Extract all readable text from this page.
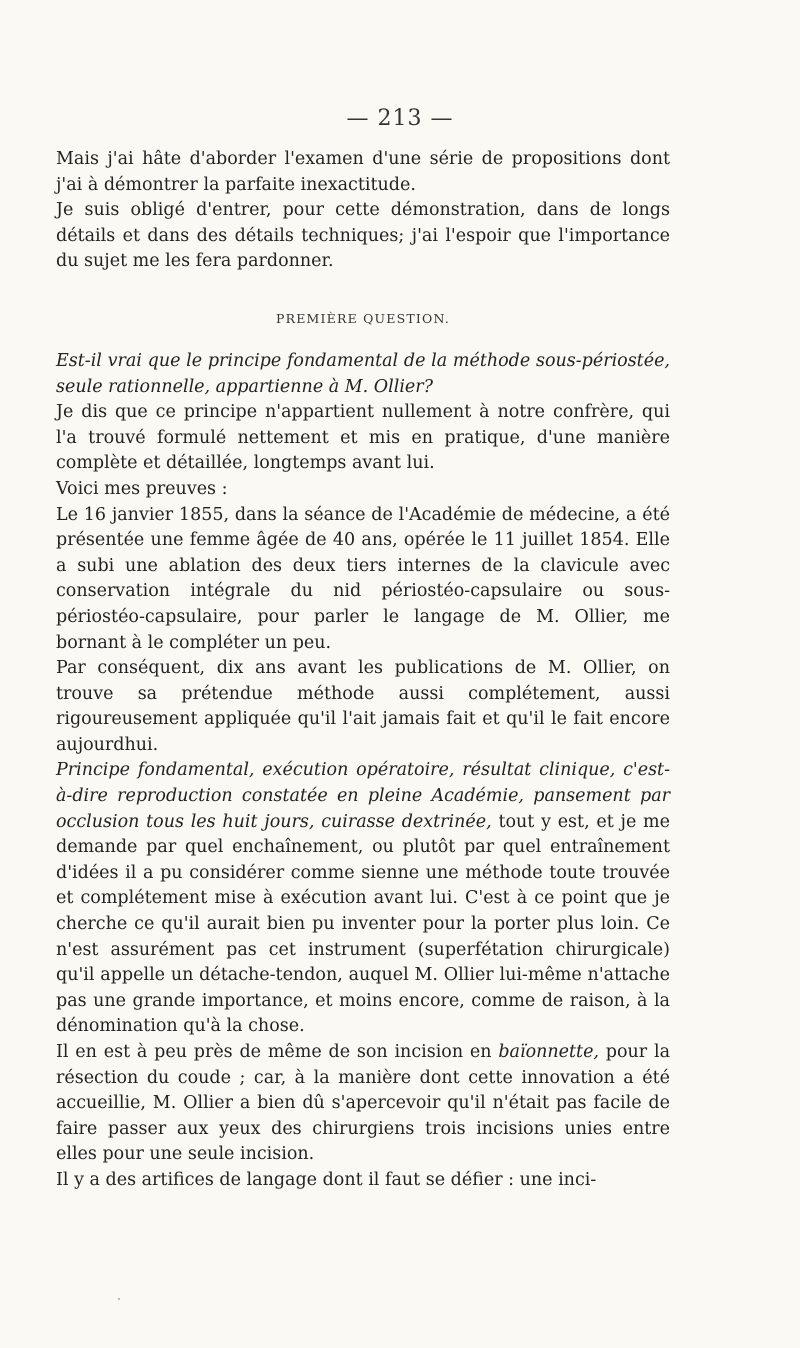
— 213 —

Mais j'ai hâte d'aborder l'examen d'une série de propositions dont j'ai à démontrer la parfaite inexactitude.

Je suis obligé d'entrer, pour cette démonstration, dans de longs détails et dans des détails techniques; j'ai l'espoir que l'importance du sujet me les fera pardonner.

PREMIÈRE QUESTION.

Est-il vrai que le principe fondamental de la méthode sous-périostée, seule rationnelle, appartienne à M. Ollier?

Je dis que ce principe n'appartient nullement à notre confrère, qui l'a trouvé formulé nettement et mis en pratique, d'une manière complète et détaillée, longtemps avant lui.

Voici mes preuves :

Le 16 janvier 1855, dans la séance de l'Académie de médecine, a été présentée une femme âgée de 40 ans, opérée le 11 juillet 1854. Elle a subi une ablation des deux tiers internes de la clavicule avec conservation intégrale du nid périostéo-capsulaire ou sous-périostéo-capsulaire, pour parler le langage de M. Ollier, me bornant à le compléter un peu.

Par conséquent, dix ans avant les publications de M. Ollier, on trouve sa prétendue méthode aussi complétement, aussi rigoureusement appliquée qu'il l'ait jamais fait et qu'il le fait encore aujourdhui.

Principe fondamental, exécution opératoire, résultat clinique, c'est-à-dire reproduction constatée en pleine Académie, pansement par occlusion tous les huit jours, cuirasse dextrinée, tout y est, et je me demande par quel enchaînement, ou plutôt par quel entraînement d'idées il a pu considérer comme sienne une méthode toute trouvée et complétement mise à exécution avant lui. C'est à ce point que je cherche ce qu'il aurait bien pu inventer pour la porter plus loin. Ce n'est assurément pas cet instrument (superfétation chirurgicale) qu'il appelle un détache-tendon, auquel M. Ollier lui-même n'attache pas une grande importance, et moins encore, comme de raison, à la dénomination qu'à la chose.

Il en est à peu près de même de son incision en baïonnette, pour la résection du coude ; car, à la manière dont cette innovation a été accueillie, M. Ollier a bien dû s'apercevoir qu'il n'était pas facile de faire passer aux yeux des chirurgiens trois incisions unies entre elles pour une seule incision.

Il y a des artifices de langage dont il faut se défier : une inci-
